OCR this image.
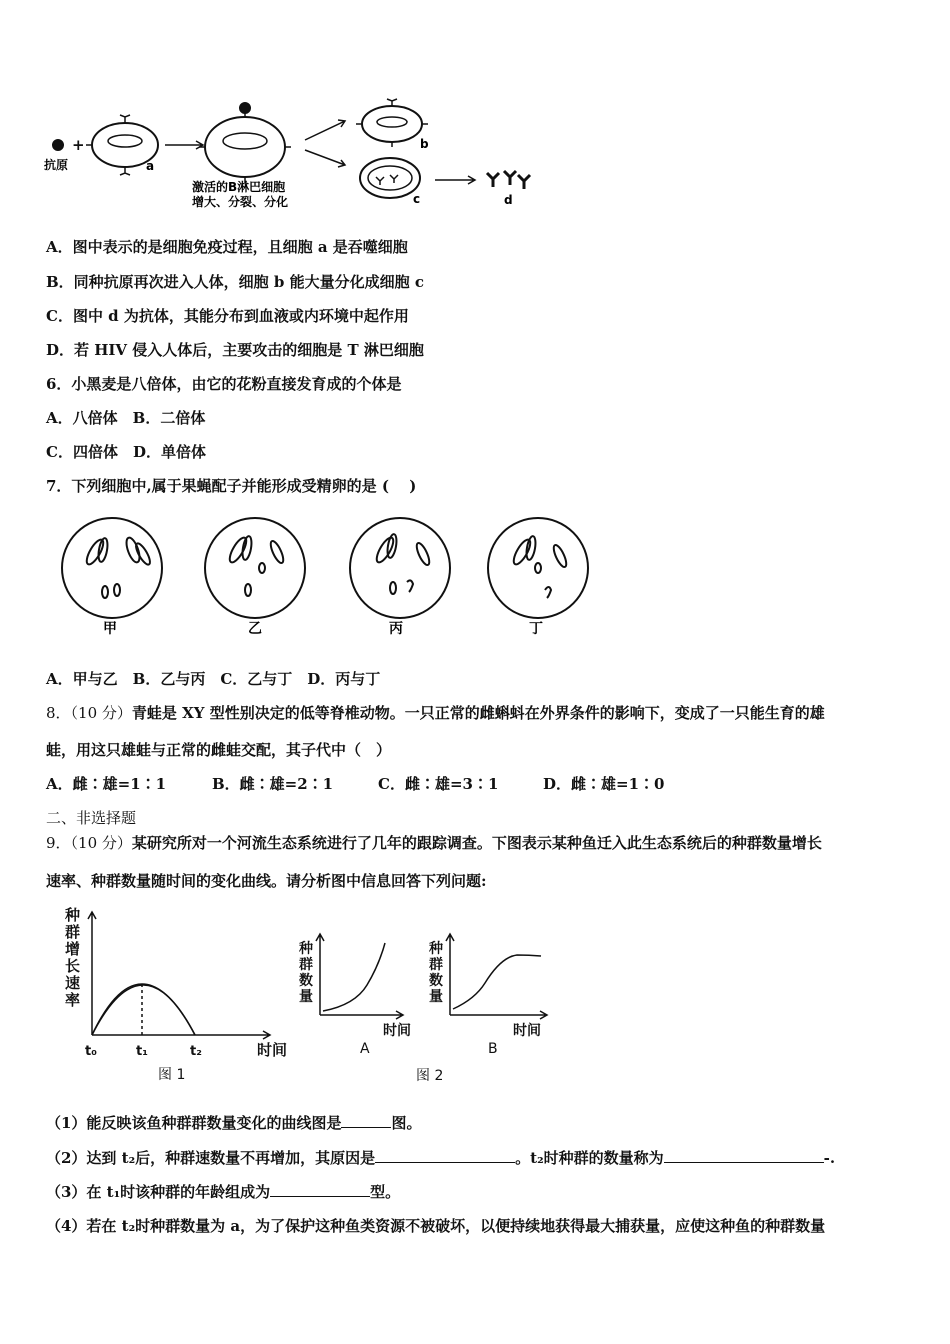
+
抗原	a
b
c	d
激活的B淋巴细胞
增大、分裂、分化
A．图中表示的是细胞免疫过程，且细胞 a 是吞噬细胞
B．同种抗原再次进入人体，细胞 b 能大量分化成细胞 c
C．图中 d 为抗体，其能分布到血液或内环境中起作用
D．若 HIV 侵入人体后，主要攻击的细胞是 T 淋巴细胞
6．小黑麦是八倍体，由它的花粉直接发育成的个体是
A．八倍体　B．二倍体
C．四倍体　D．单倍体
7．下列细胞中,属于果蝇配子并能形成受精卵的是 (　 )
甲	乙	丙	丁
A．甲与乙　B．乙与丙　C．乙与丁　D．丙与丁
8．（10 分）青蛙是 XY 型性别决定的低等脊椎动物。一只正常的雌蝌蚪在外界条件的影响下，变成了一只能生育的雄
蛙，用这只雄蛙与正常的雌蛙交配，其子代中（　）
A．雌∶雄=1∶1	B．雌∶雄=2∶1	C．雌∶雄=3∶1	D．雌∶雄=1∶0
二、非选择题
9．（10 分）某研究所对一个河流生态系统进行了几年的跟踪调查。下图表示某种鱼迁入此生态系统后的种群数量增长
速率、种群数量随时间的变化曲线。请分析图中信息回答下列问题:
种
群
增
长
速
率
时间
t₀	t₁	t₂
图 1
种
群
数
量
时间
A
种
群
数
量
时间
B
图 2
（1）能反映该鱼种群群数量变化的曲线图是	图。
（2）达到 t₂后，种群速数量不再增加，其原因是	。t₂时种群的数量称为	-.
（3）在 t₁时该种群的年龄组成为	型。
（4）若在 t₂时种群数量为 a，为了保护这种鱼类资源不被破坏，以便持续地获得最大捕获量，应使这种鱼的种群数量
